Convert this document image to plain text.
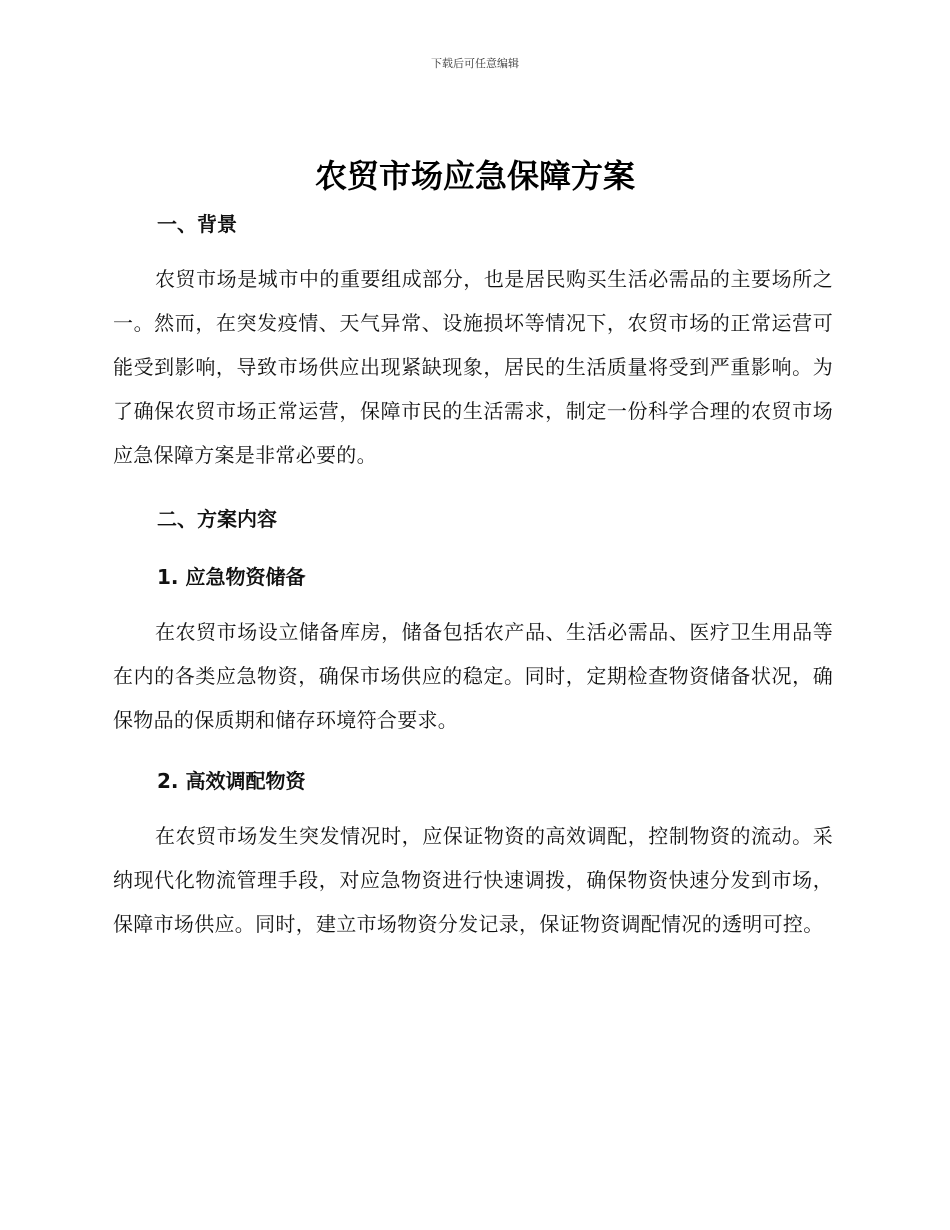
下载后可任意编辑
农贸市场应急保障方案
一、背景

农贸市场是城市中的重要组成部分，也是居民购买生活必需品的主要场所之一。然而，在突发疫情、天气异常、设施损坏等情况下，农贸市场的正常运营可能受到影响，导致市场供应出现紧缺现象，居民的生活质量将受到严重影响。为了确保农贸市场正常运营，保障市民的生活需求，制定一份科学合理的农贸市场应急保障方案是非常必要的。

二、方案内容
1. 应急物资储备

在农贸市场设立储备库房，储备包括农产品、生活必需品、医疗卫生用品等在内的各类应急物资，确保市场供应的稳定。同时，定期检查物资储备状况，确保物品的保质期和储存环境符合要求。

2. 高效调配物资

在农贸市场发生突发情况时，应保证物资的高效调配，控制物资的流动。采纳现代化物流管理手段，对应急物资进行快速调拨，确保物资快速分发到市场，保障市场供应。同时，建立市场物资分发记录，保证物资调配情况的透明可控。
